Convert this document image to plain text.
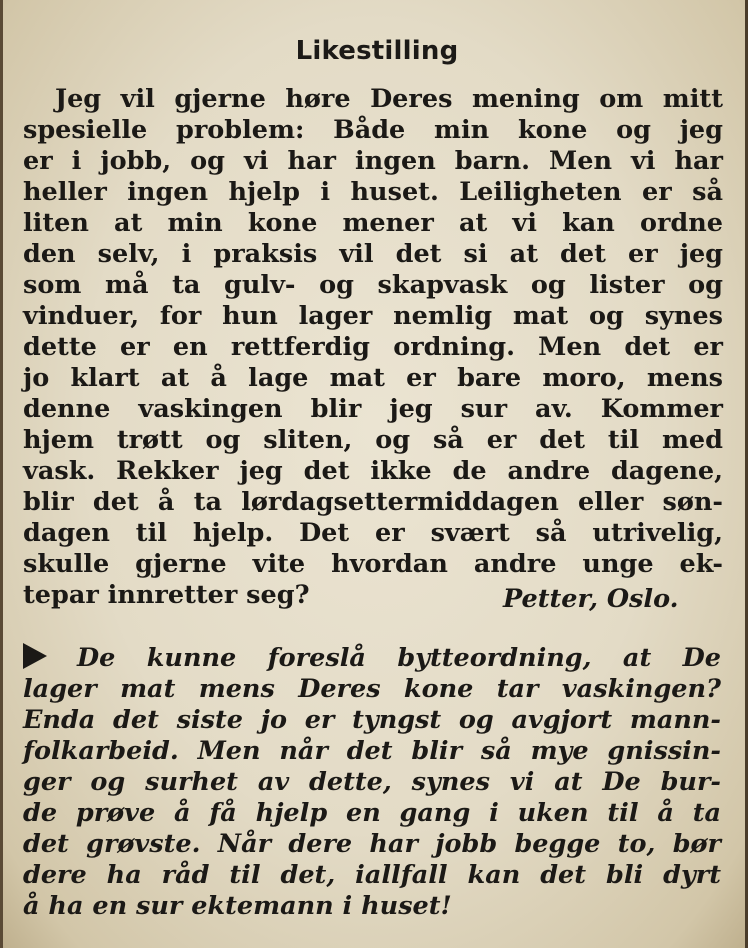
Likestilling
Jeg vil gjerne høre Deres mening om mitt
spesielle problem: Både min kone og jeg
er i jobb, og vi har ingen barn. Men vi har
heller ingen hjelp i huset. Leiligheten er så
liten at min kone mener at vi kan ordne
den selv, i praksis vil det si at det er jeg
som må ta gulv- og skapvask og lister og
vinduer, for hun lager nemlig mat og synes
dette er en rettferdig ordning. Men det er
jo klart at å lage mat er bare moro, mens
denne vaskingen blir jeg sur av. Kommer
hjem trøtt og sliten, og så er det til med
vask. Rekker jeg det ikke de andre dagene,
blir det å ta lørdagsettermiddagen eller søn-
dagen til hjelp. Det er svært så utrivelig,
skulle gjerne vite hvordan andre unge ek-
tepar innretter seg?	Petter, Oslo.
De kunne foreslå bytteordning, at De
lager mat mens Deres kone tar vaskingen?
Enda det siste jo er tyngst og avgjort mann-
folkarbeid. Men når det blir så mye gnissin-
ger og surhet av dette, synes vi at De bur-
de prøve å få hjelp en gang i uken til å ta
det grøvste. Når dere har jobb begge to, bør
dere ha råd til det, iallfall kan det bli dyrt
å ha en sur ektemann i huset!
